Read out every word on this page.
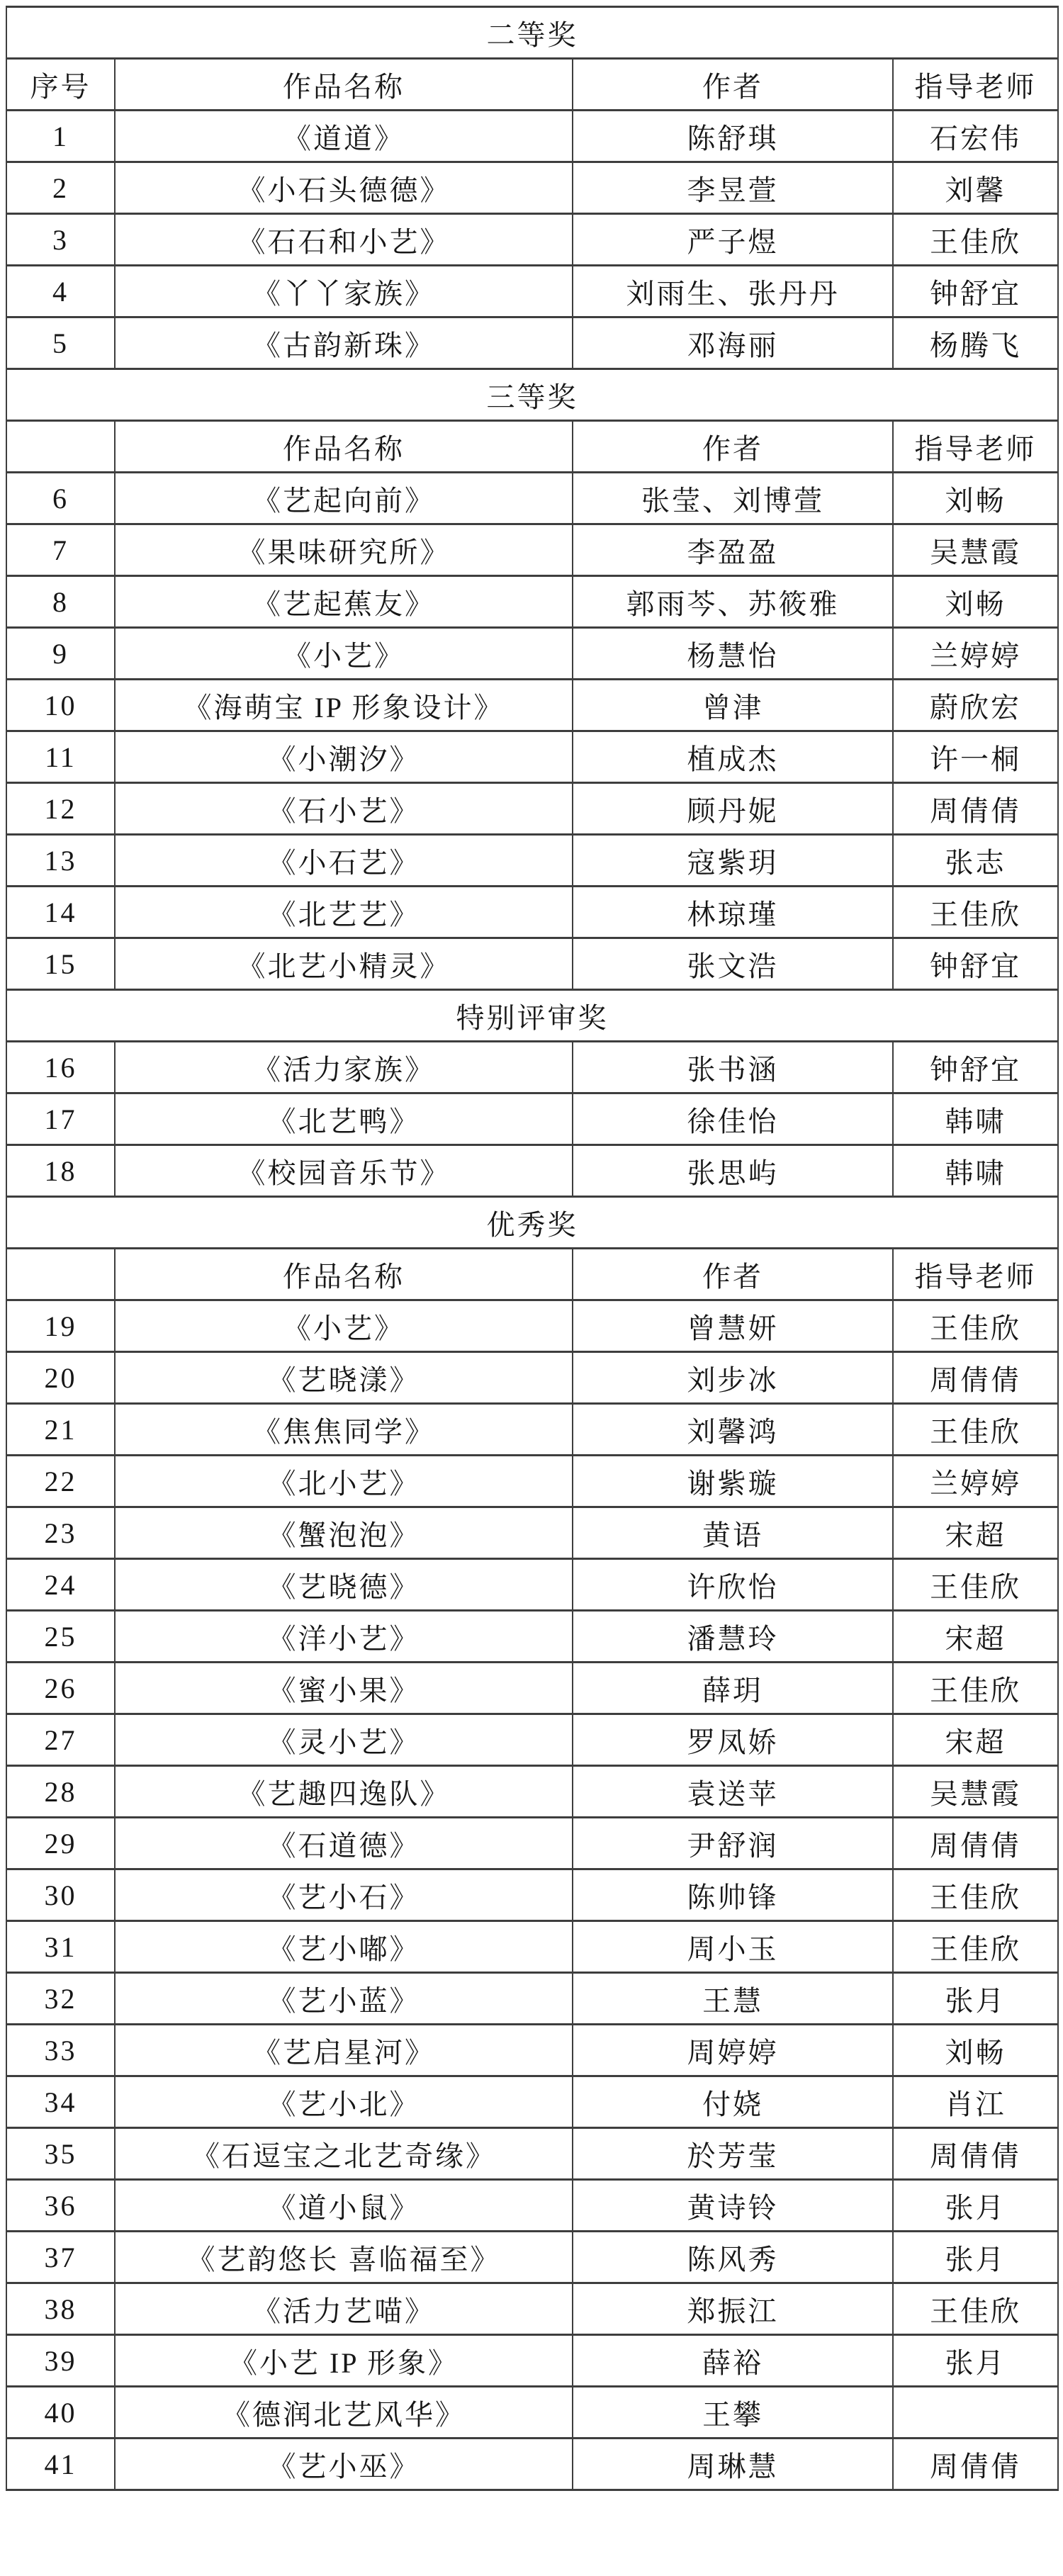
二等奖			
序号	作品名称	作者	指导老师
1	《道道》	陈舒琪	石宏伟
2	《小石头德德》	李昱萱	刘馨
3	《石石和小艺》	严子煜	王佳欣
4	《丫丫家族》	刘雨生、张丹丹	钟舒宜
5	《古韵新珠》	邓海丽	杨腾飞
三等奖			
	作品名称	作者	指导老师
6	《艺起向前》	张莹、刘博萱	刘畅
7	《果味研究所》	李盈盈	吴慧霞
8	《艺起蕉友》	郭雨芩、苏筱雅	刘畅
9	《小艺》	杨慧怡	兰婷婷
10	《海萌宝 IP 形象设计》	曾津	蔚欣宏
11	《小潮汐》	植成杰	许一桐
12	《石小艺》	顾丹妮	周倩倩
13	《小石艺》	寇紫玥	张志
14	《北艺艺》	林琼瑾	王佳欣
15	《北艺小精灵》	张文浩	钟舒宜
特别评审奖			
16	《活力家族》	张书涵	钟舒宜
17	《北艺鸭》	徐佳怡	韩啸
18	《校园音乐节》	张思屿	韩啸
优秀奖			
	作品名称	作者	指导老师
19	《小艺》	曾慧妍	王佳欣
20	《艺晓漾》	刘步冰	周倩倩
21	《焦焦同学》	刘馨鸿	王佳欣
22	《北小艺》	谢紫璇	兰婷婷
23	《蟹泡泡》	黄语	宋超
24	《艺晓德》	许欣怡	王佳欣
25	《洋小艺》	潘慧玲	宋超
26	《蜜小果》	薛玥	王佳欣
27	《灵小艺》	罗凤娇	宋超
28	《艺趣四逸队》	袁送苹	吴慧霞
29	《石道德》	尹舒润	周倩倩
30	《艺小石》	陈帅锋	王佳欣
31	《艺小嘟》	周小玉	王佳欣
32	《艺小蓝》	王慧	张月
33	《艺启星河》	周婷婷	刘畅
34	《艺小北》	付娆	肖江
35	《石逗宝之北艺奇缘》	於芳莹	周倩倩
36	《道小鼠》	黄诗铃	张月
37	《艺韵悠长 喜临福至》	陈风秀	张月
38	《活力艺喵》	郑振江	王佳欣
39	《小艺 IP 形象》	薛裕	张月
40	《德润北艺风华》	王攀	
41	《艺小巫》	周琳慧	周倩倩
